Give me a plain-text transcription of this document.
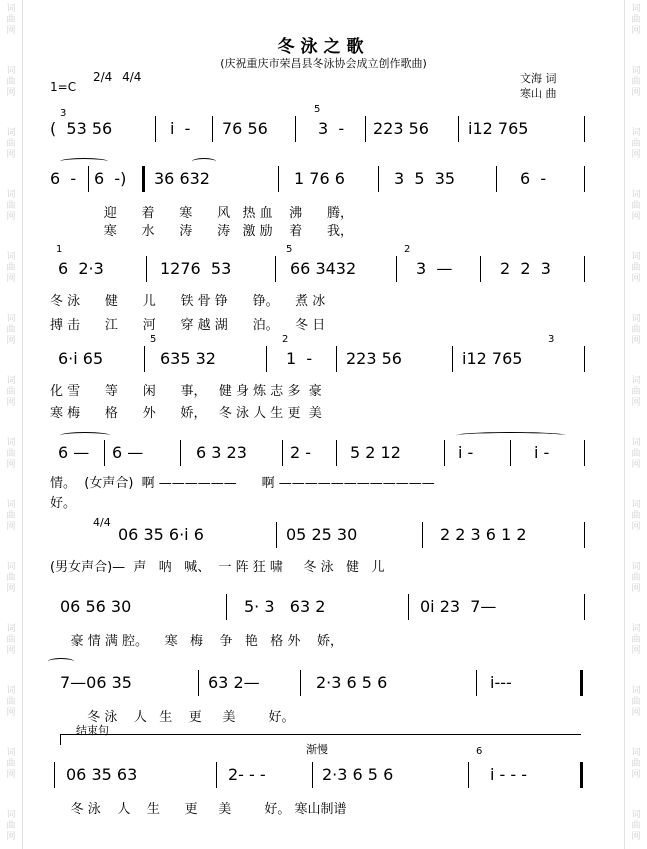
词
曲
网
词
曲
网
词
曲
网
词
曲
网
词
曲
网
词
曲
网
词
曲
网
词
曲
网
词
曲
网
词
曲
网
词
曲
网
词
曲
网
词
曲
网
词
曲
网
词
曲
网
词
曲
网
词
曲
网
词
曲
网
词
曲
网
词
曲
网
词
曲
网
词
曲
网
词
曲
网
词
曲
网
词
曲
网
词
曲
网
词
曲
网
词
曲
网
冬泳之歌
(庆祝重庆市荣昌县冬泳协会成立创作歌曲)
1=C
2/4 4/4	文海 词
寒山 曲
3	5
1	5	2
5	2
6
3
4/4
结束句
渐慢
(  53 56	i  - 76 56	3  - 223 56 i12 765
6  - 6  -) 36 632	1 76 6	3  5  35	6  -
迎      着      寒      风   热 血    沸      腾，
寒      水      涛      涛   激 励    着      我，
6  2·3	1276  53	66 3432	3  —	2  2  3
冬 泳      健      儿      铁 骨 铮      铮。    煮 冰
搏 击      江      河      穿 越 湖      泊。    冬 日
6·i 65	635 32	1  - 223 56	i12 765
化 雪      等      闲      事，   健 身 炼 志 多  豪
寒 梅      格      外      娇，   冬 泳 人 生 更  美
6 — 6 —	6 3 23	2 - 5 2 12	i -	i -
情。  (女声合)  啊 ——————      啊 ————————————
好。
06 35 6·i 6	05 25 30	2 2 3 6 1 2
(男女声合)—  声   呐   喊、  一 阵 狂 啸     冬 泳   健   儿
06 56 30	5· 3   63 2	0i 23  7—
豪 情 满 腔。    寒   梅    争   艳   格 外    娇，
7—06 35	63 2—	2·3 6 5 6	i---
冬 泳    人   生    更     美        好。
06 35 63	2- - -	2·3 6 5 6	i - - -
冬 泳    人    生      更     美        好。 寒山制谱
